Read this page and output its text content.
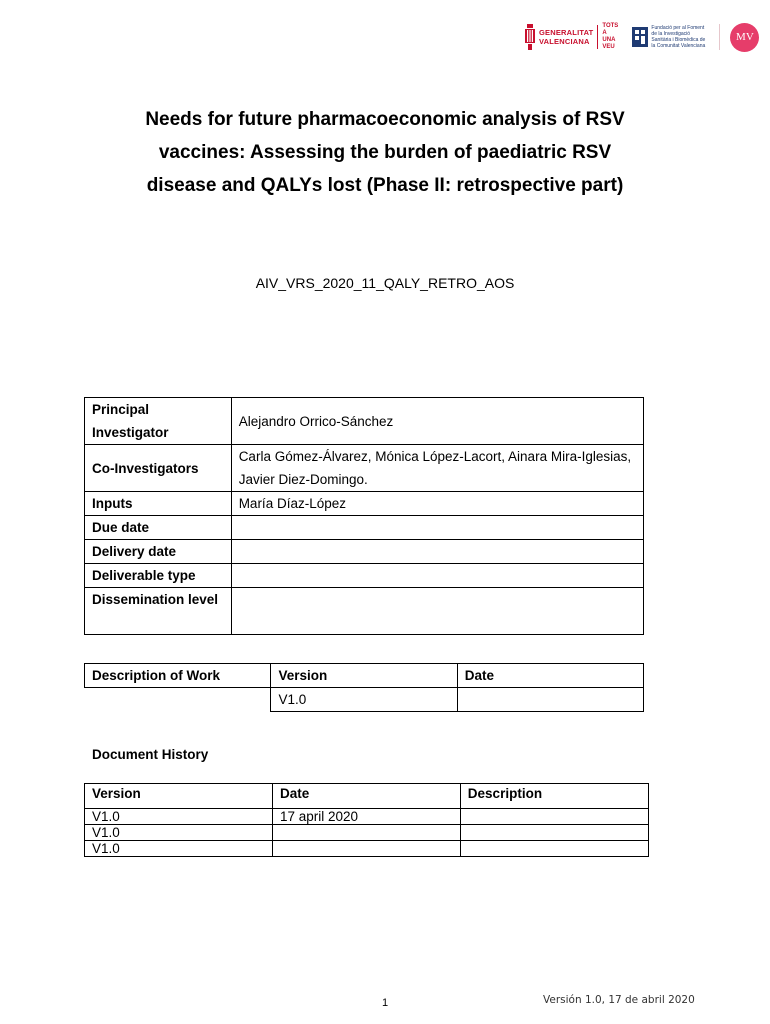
GENERALITAT
VALENCIANA
TOTS A UNA VEU
Fundació per al Foment de la Investigació Sanitària i Biomèdica de la Comunitat Valenciana
MV
Needs for future pharmacoeconomic analysis of RSV vaccines: Assessing the burden of paediatric RSV disease and QALYs lost (Phase II: retrospective part)
AIV_VRS_2020_11_QALY_RETRO_AOS
Principal Investigator	Alejandro Orrico-Sánchez
Co-Investigators	Carla Gómez-Álvarez, Mónica López-Lacort, Ainara Mira-Iglesias, Javier Diez-Domingo.
Inputs	María Díaz-López
Due date	
Delivery date	
Deliverable type	
Dissemination level	
Description of Work	Version	Date
	V1.0	
Document History
Version	Date	Description
V1.0	17 april 2020	
V1.0		
V1.0		
1	Versión 1.0, 17 de abril 2020
